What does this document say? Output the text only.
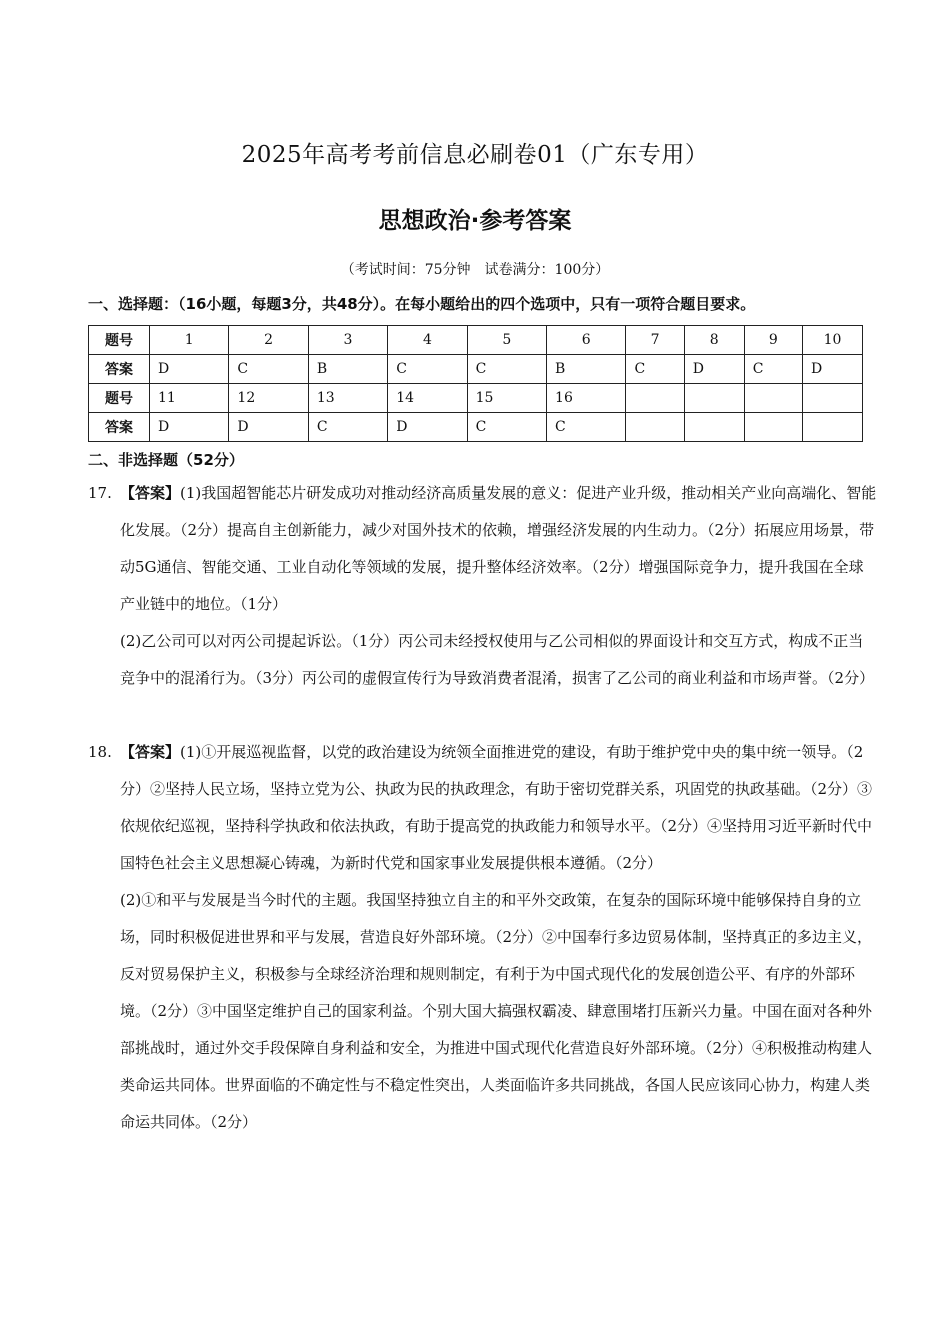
2025年高考考前信息必刷卷01（广东专用）
思想政治·参考答案
（考试时间：75分钟　试卷满分：100分）
一、选择题：（16小题，每题3分，共48分）。在每小题给出的四个选项中，只有一项符合题目要求。
题号	1	2	3	4	5	6	7	8	9	10
答案	D	C	B	C	C	B	C	D	C	D
题号	11	12	13	14	15	16				
答案	D	D	C	D	C	C				
二、非选择题（52分）
17. 【答案】(1)我国超智能芯片研发成功对推动经济高质量发展的意义：促进产业升级，推动相关产业向高端化、智能化发展。（2分）提高自主创新能力，减少对国外技术的依赖，增强经济发展的内生动力。（2分）拓展应用场景，带动5G通信、智能交通、工业自动化等领域的发展，提升整体经济效率。（2分）增强国际竞争力，提升我国在全球产业链中的地位。（1分）

(2)乙公司可以对丙公司提起诉讼。（1分）丙公司未经授权使用与乙公司相似的界面设计和交互方式，构成不正当竞争中的混淆行为。（3分）丙公司的虚假宣传行为导致消费者混淆，损害了乙公司的商业利益和市场声誉。（2分）

18. 【答案】(1)①开展巡视监督，以党的政治建设为统领全面推进党的建设，有助于维护党中央的集中统一领导。（2分）②坚持人民立场，坚持立党为公、执政为民的执政理念，有助于密切党群关系，巩固党的执政基础。（2分）③依规依纪巡视，坚持科学执政和依法执政，有助于提高党的执政能力和领导水平。（2分）④坚持用习近平新时代中国特色社会主义思想凝心铸魂，为新时代党和国家事业发展提供根本遵循。（2分）

(2)①和平与发展是当今时代的主题。我国坚持独立自主的和平外交政策，在复杂的国际环境中能够保持自身的立场，同时积极促进世界和平与发展，营造良好外部环境。（2分）②中国奉行多边贸易体制，坚持真正的多边主义，反对贸易保护主义，积极参与全球经济治理和规则制定，有利于为中国式现代化的发展创造公平、有序的外部环境。（2分）③中国坚定维护自己的国家利益。个别大国大搞强权霸凌、肆意围堵打压新兴力量。中国在面对各种外部挑战时，通过外交手段保障自身利益和安全，为推进中国式现代化营造良好外部环境。（2分）④积极推动构建人类命运共同体。世界面临的不确定性与不稳定性突出，人类面临许多共同挑战，各国人民应该同心协力，构建人类命运共同体。（2分）
